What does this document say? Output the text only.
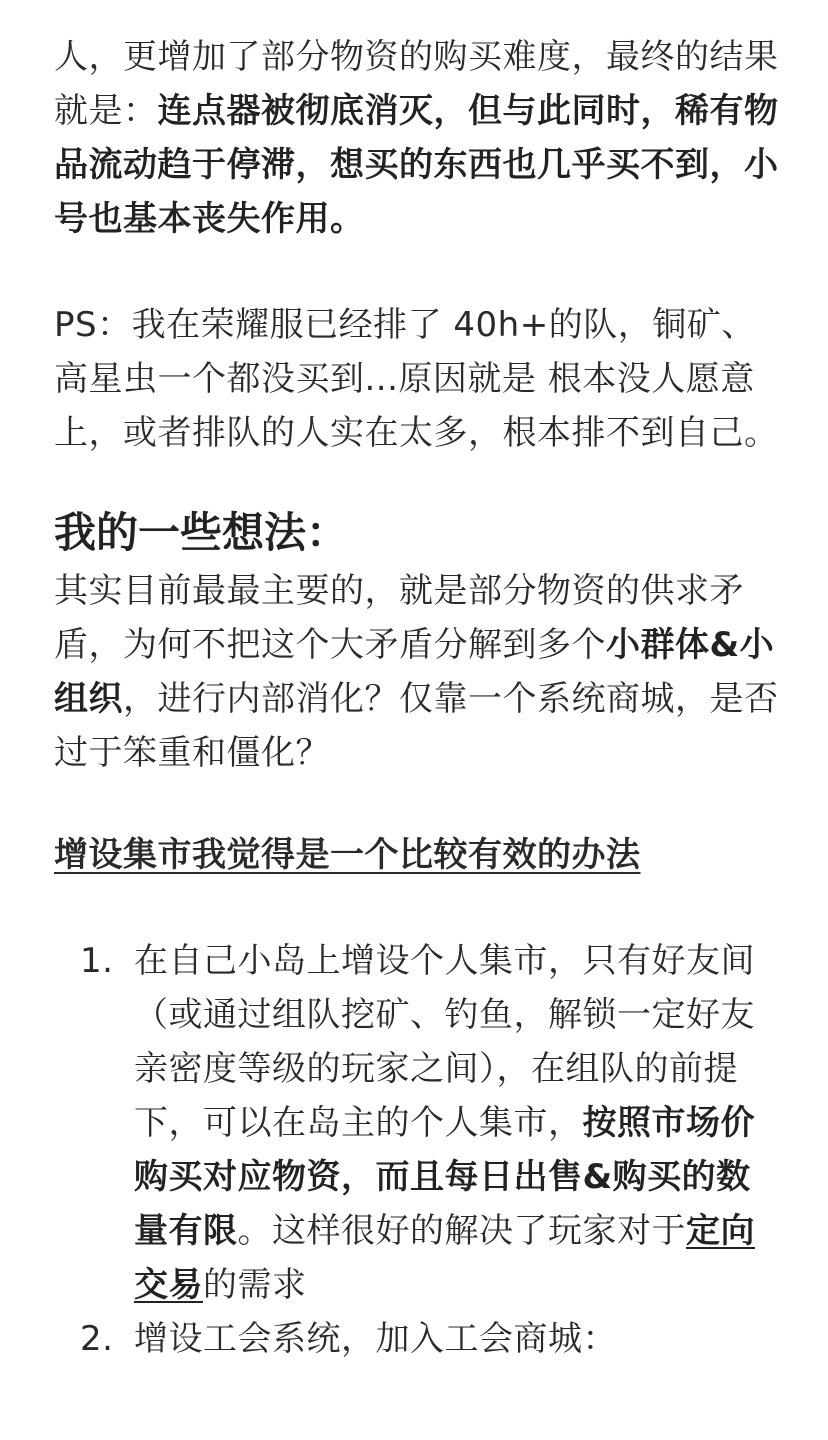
人，更增加了部分物资的购买难度，最终的结果就是：连点器被彻底消灭，但与此同时，稀有物品流动趋于停滞，想买的东西也几乎买不到，小号也基本丧失作用。

PS：我在荣耀服已经排了 40h+的队，铜矿、高星虫一个都没买到...原因就是 根本没人愿意上，或者排队的人实在太多，根本排不到自己。

我的一些想法：

其实目前最最主要的，就是部分物资的供求矛盾，为何不把这个大矛盾分解到多个小群体&小组织，进行内部消化？仅靠一个系统商城，是否过于笨重和僵化？

增设集市我觉得是一个比较有效的办法

1. 在自己小岛上增设个人集市，只有好友间（或通过组队挖矿、钓鱼，解锁一定好友亲密度等级的玩家之间），在组队的前提下，可以在岛主的个人集市，按照市场价购买对应物资，而且每日出售&购买的数量有限。这样很好的解决了玩家对于定向交易的需求
2. 增设工会系统，加入工会商城：
